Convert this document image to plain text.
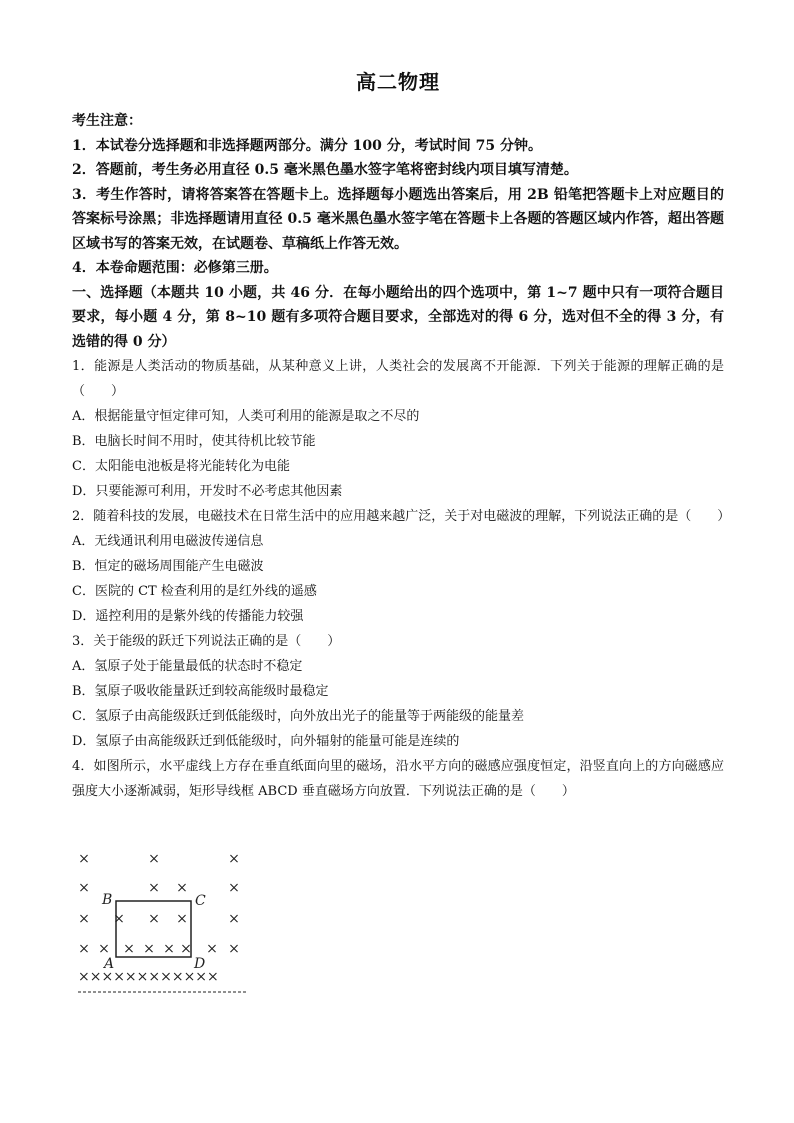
高二物理

考生注意：

1．本试卷分选择题和非选择题两部分。满分 100 分，考试时间 75 分钟。

2．答题前，考生务必用直径 0.5 毫米黑色墨水签字笔将密封线内项目填写清楚。

3．考生作答时，请将答案答在答题卡上。选择题每小题选出答案后，用 2B 铅笔把答题卡上对应题目的答案标号涂黑；非选择题请用直径 0.5 毫米黑色墨水签字笔在答题卡上各题的答题区域内作答，超出答题区域书写的答案无效，在试题卷、草稿纸上作答无效。

4．本卷命题范围：必修第三册。

一、选择题（本题共 10 小题，共 46 分．在每小题给出的四个选项中，第 1~7 题中只有一项符合题目要求，每小题 4 分，第 8~10 题有多项符合题目要求，全部选对的得 6 分，选对但不全的得 3 分，有选错的得 0 分）

1．能源是人类活动的物质基础，从某种意义上讲，人类社会的发展离不开能源．下列关于能源的理解正确的是（　　）

A．根据能量守恒定律可知，人类可利用的能源是取之不尽的

B．电脑长时间不用时，使其待机比较节能

C．太阳能电池板是将光能转化为电能

D．只要能源可利用，开发时不必考虑其他因素

2．随着科技的发展，电磁技术在日常生活中的应用越来越广泛，关于对电磁波的理解，下列说法正确的是（　　）

A．无线通讯利用电磁波传递信息

B．恒定的磁场周围能产生电磁波

C．医院的 CT 检查利用的是红外线的遥感

D．遥控利用的是紫外线的传播能力较强

3．关于能级的跃迁下列说法正确的是（　　）

A．氢原子处于能量最低的状态时不稳定

B．氢原子吸收能量跃迁到较高能级时最稳定

C．氢原子由高能级跃迁到低能级时，向外放出光子的能量等于两能级的能量差

D．氢原子由高能级跃迁到低能级时，向外辐射的能量可能是连续的

4．如图所示，水平虚线上方存在垂直纸面向里的磁场，沿水平方向的磁感应强度恒定，沿竖直向上的方向磁感应强度大小逐渐减弱，矩形导线框 ABCD 垂直磁场方向放置．下列说法正确的是（　　）

×	×	×
×	× ×	×
× × × ×	×
× × × × × × × ×
B	C
A	D
××××××××××××
